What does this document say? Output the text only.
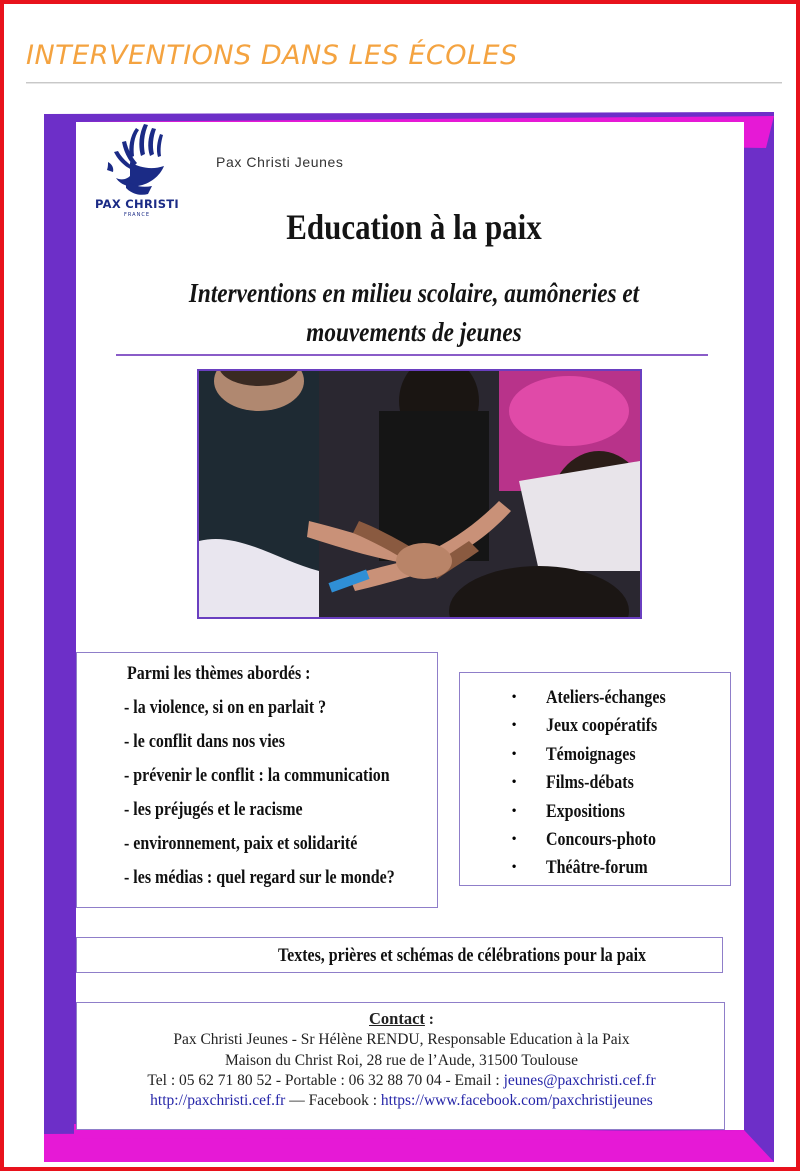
INTERVENTIONS DANS LES ÉCOLES
PAX CHRISTI
FRANCE
Pax Christi Jeunes
Education à la paix
Interventions en milieu scolaire, aumôneries et
mouvements de jeunes
Parmi les thèmes abordés :
- la violence, si on en parlait ?
- le conflit dans nos vies
- prévenir le conflit : la communication
- les préjugés et le racisme
- environnement, paix et solidarité
- les médias : quel regard sur le monde?
• Ateliers-échanges
• Jeux coopératifs
• Témoignages
• Films-débats
• Expositions
• Concours-photo
• Théâtre-forum
Textes, prières et schémas de célébrations pour la paix
Contact :
Pax Christi Jeunes - Sr Hélène RENDU, Responsable Education à la Paix
Maison du Christ Roi, 28 rue de l’Aude, 31500 Toulouse
Tel : 05 62 71 80 52 - Portable : 06 32 88 70 04 - Email : jeunes@paxchristi.cef.fr
http://paxchristi.cef.fr — Facebook : https://www.facebook.com/paxchristijeunes
